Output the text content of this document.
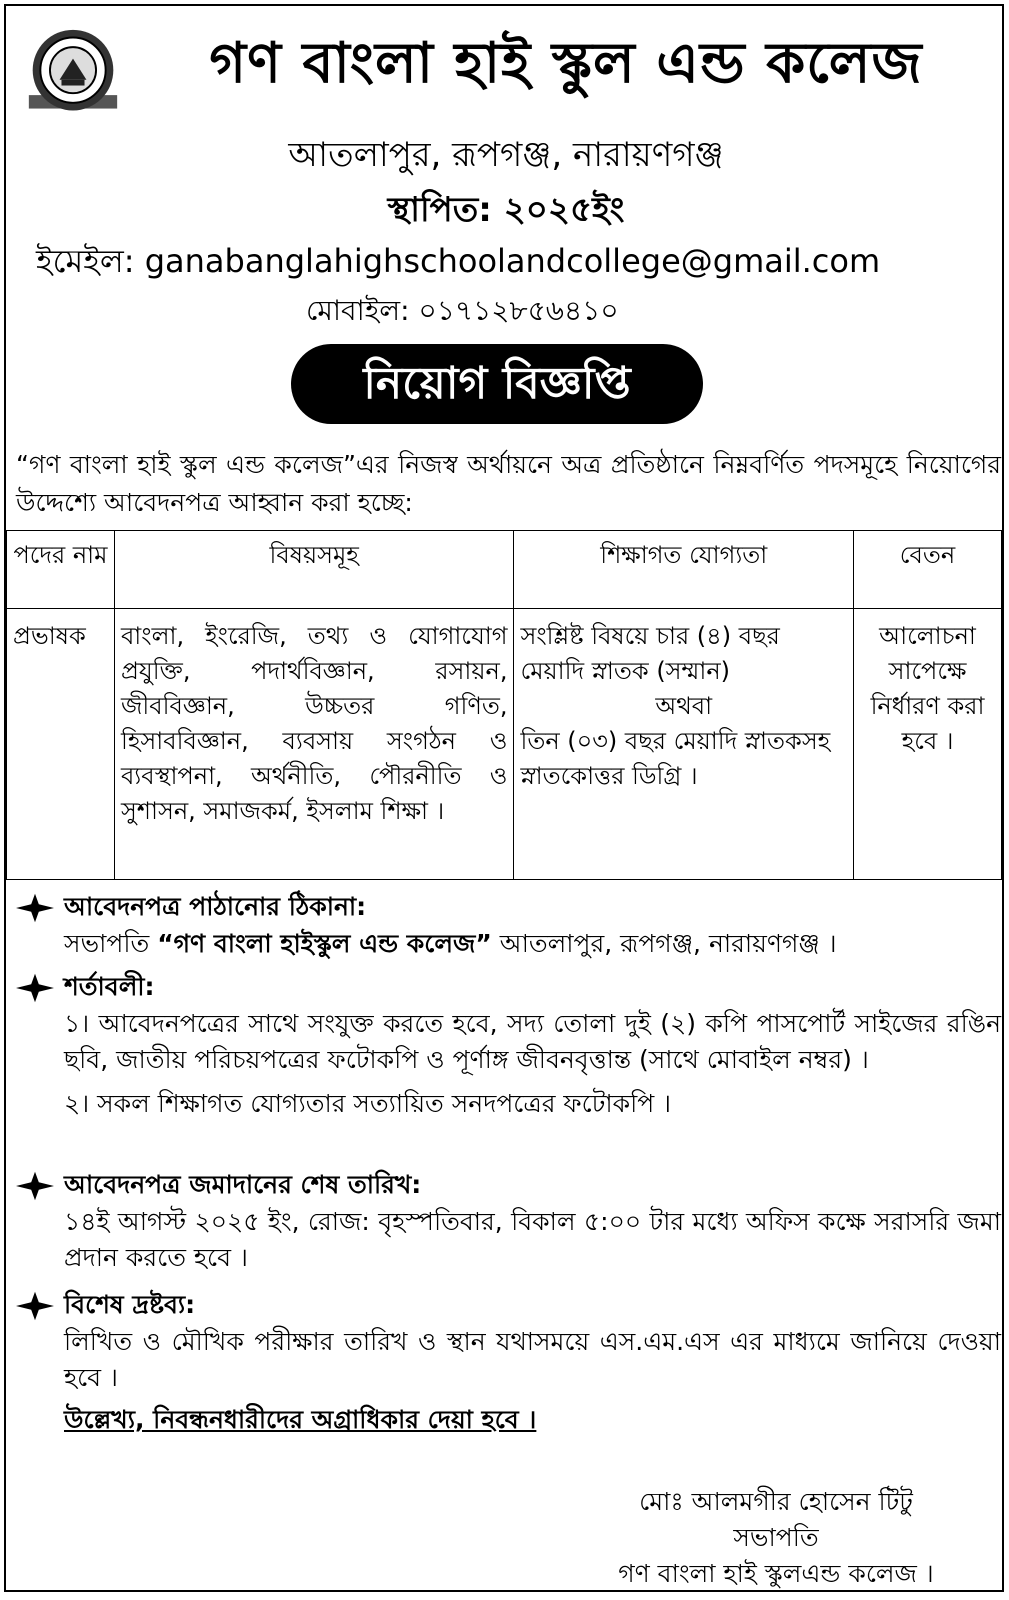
গণ বাংলা হাই স্কুল এন্ড কলেজ
আতলাপুর, রূপগঞ্জ, নারায়ণগঞ্জ
স্থাপিত: ২০২৫ইং
ইমেইল: ganabanglahighschoolandcollege@gmail.com
মোবাইল: ০১৭১২৮৫৬৪১০
নিয়োগ বিজ্ঞপ্তি
“গণ বাংলা হাই স্কুল এন্ড কলেজ”এর নিজস্ব অর্থায়নে অত্র প্রতিষ্ঠানে নিম্নবর্ণিত পদসমূহে নিয়োগের উদ্দেশ্যে আবেদনপত্র আহ্বান করা হচ্ছে:
পদের নাম	বিষয়সমূহ	শিক্ষাগত যোগ্যতা	বেতন
প্রভাষক	বাংলা, ইংরেজি, তথ্য ও যোগাযোগ প্রযুক্তি, পদার্থবিজ্ঞান, রসায়ন, জীববিজ্ঞান, উচ্চতর গণিত, হিসাববিজ্ঞান, ব্যবসায় সংগঠন ও ব্যবস্থাপনা, অর্থনীতি, পৌরনীতি ও সুশাসন, সমাজকর্ম, ইসলাম শিক্ষা ।	সংশ্লিষ্ট বিষয়ে চার (৪) বছর মেয়াদি স্নাতক (সম্মান)
অথবা
তিন (০৩) বছর মেয়াদি স্নাতকসহ স্নাতকোত্তর ডিগ্রি ।	আলোচনা সাপেক্ষে নির্ধারণ করা হবে ।
আবেদনপত্র পাঠানোর ঠিকানা:
সভাপতি “গণ বাংলা হাইস্কুল এন্ড কলেজ” আতলাপুর, রূপগঞ্জ, নারায়ণগঞ্জ ।
শর্তাবলী:
১। আবেদনপত্রের সাথে সংযুক্ত করতে হবে, সদ্য তোলা দুই (২) কপি পাসপোর্ট সাইজের রঙিন ছবি, জাতীয় পরিচয়পত্রের ফটোকপি ও পূর্ণাঙ্গ জীবনবৃত্তান্ত (সাথে মোবাইল নম্বর) ।
২। সকল শিক্ষাগত যোগ্যতার সত্যায়িত সনদপত্রের ফটোকপি ।
আবেদনপত্র জমাদানের শেষ তারিখ:
১৪ই আগস্ট ২০২৫ ইং, রোজ: বৃহস্পতিবার, বিকাল ৫:০০ টার মধ্যে অফিস কক্ষে সরাসরি জমা প্রদান করতে হবে ।
বিশেষ দ্রষ্টব্য:
লিখিত ও মৌখিক পরীক্ষার তারিখ ও স্থান যথাসময়ে এস.এম.এস এর মাধ্যমে জানিয়ে দেওয়া হবে ।
উল্লেখ্য, নিবন্ধনধারীদের অগ্রাধিকার দেয়া হবে ।
মোঃ আলমগীর হোসেন টিটু
সভাপতি
গণ বাংলা হাই স্কুলএন্ড কলেজ ।
